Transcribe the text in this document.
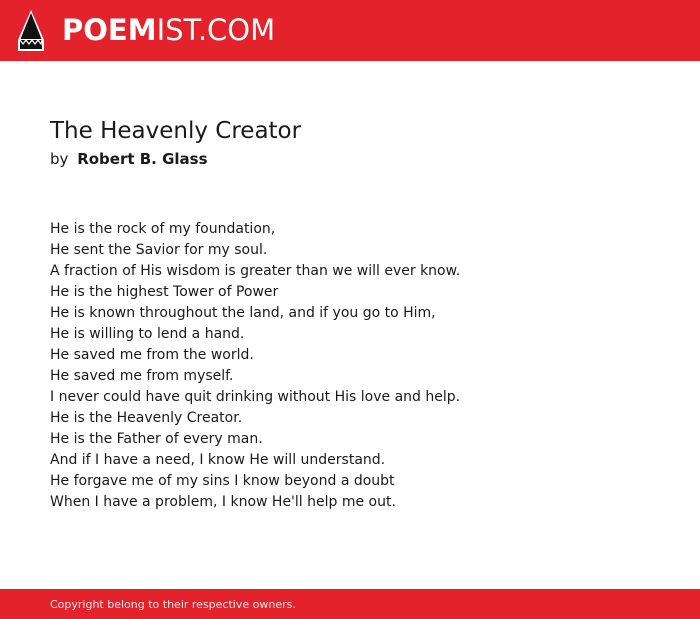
POEMIST.COM
The Heavenly Creator
by Robert B. Glass
He is the rock of my foundation,
He sent the Savior for my soul.
A fraction of His wisdom is greater than we will ever know.
He is the highest Tower of Power
He is known throughout the land, and if you go to Him,
He is willing to lend a hand.
He saved me from the world.
He saved me from myself.
I never could have quit drinking without His love and help.
He is the Heavenly Creator.
He is the Father of every man.
And if I have a need, I know He will understand.
He forgave me of my sins I know beyond a doubt
When I have a problem, I know He'll help me out.
Copyright belong to their respective owners.
